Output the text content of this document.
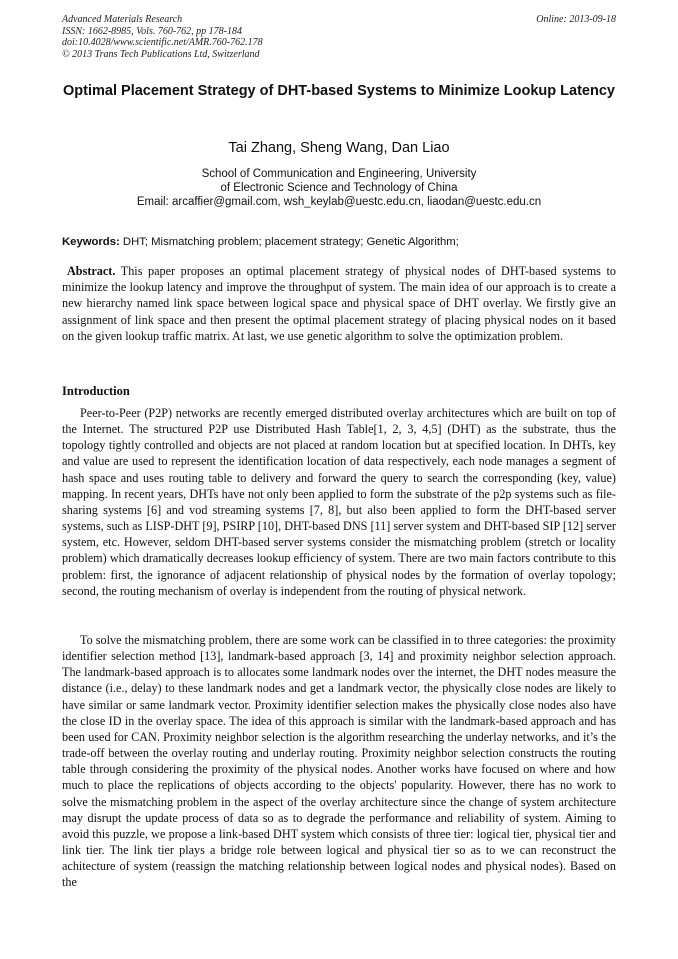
Advanced Materials Research
ISSN: 1662-8985, Vols. 760-762, pp 178-184
doi:10.4028/www.scientific.net/AMR.760-762.178
© 2013 Trans Tech Publications Ltd, Switzerland
Online: 2013-09-18
Optimal Placement Strategy of DHT-based Systems to Minimize Lookup Latency
Tai Zhang, Sheng Wang, Dan Liao
School of Communication and Engineering, University
of Electronic Science and Technology of China
Email: arcaffier@gmail.com, wsh_keylab@uestc.edu.cn, liaodan@uestc.edu.cn
Keywords: DHT; Mismatching problem; placement strategy; Genetic Algorithm;
Abstract. This paper proposes an optimal placement strategy of physical nodes of DHT-based systems to minimize the lookup latency and improve the throughput of system. The main idea of our approach is to create a new hierarchy named link space between logical space and physical space of DHT overlay. We firstly give an assignment of link space and then present the optimal placement strategy of placing physical nodes on it based on the given lookup traffic matrix. At last, we use genetic algorithm to solve the optimization problem.
Introduction
Peer-to-Peer (P2P) networks are recently emerged distributed overlay architectures which are built on top of the Internet. The structured P2P use Distributed Hash Table[1, 2, 3, 4,5] (DHT) as the substrate, thus the topology tightly controlled and objects are not placed at random location but at specified location. In DHTs, key and value are used to represent the identification location of data respectively, each node manages a segment of hash space and uses routing table to delivery and forward the query to search the corresponding (key, value) mapping. In recent years, DHTs have not only been applied to form the substrate of the p2p systems such as file-sharing systems [6] and vod streaming systems [7, 8], but also been applied to form the DHT-based server systems, such as LISP-DHT [9], PSIRP [10], DHT-based DNS [11] server system and DHT-based SIP [12] server system, etc. However, seldom DHT-based server systems consider the mismatching problem (stretch or locality problem) which dramatically decreases lookup efficiency of system. There are two main factors contribute to this problem: first, the ignorance of adjacent relationship of physical nodes by the formation of overlay topology; second, the routing mechanism of overlay is independent from the routing of physical network.
To solve the mismatching problem, there are some work can be classified in to three categories: the proximity identifier selection method [13], landmark-based approach [3, 14] and proximity neighbor selection approach. The landmark-based approach is to allocates some landmark nodes over the internet, the DHT nodes measure the distance (i.e., delay) to these landmark nodes and get a landmark vector, the physically close nodes are likely to have similar or same landmark vector. Proximity identifier selection makes the physically close nodes also have the close ID in the overlay space. The idea of this approach is similar with the landmark-based approach and has been used for CAN. Proximity neighbor selection is the algorithm researching the underlay networks, and it’s the trade-off between the overlay routing and underlay routing. Proximity neighbor selection constructs the routing table through considering the proximity of the physical nodes. Another works have focused on where and how much to place the replications of objects according to the objects' popularity. However, there has no work to solve the mismatching problem in the aspect of the overlay architecture since the change of system architecture may disrupt the update process of data so as to degrade the performance and reliability of system. Aiming to avoid this puzzle, we propose a link-based DHT system which consists of three tier: logical tier, physical tier and link tier. The link tier plays a bridge role between logical and physical tier so as to we can reconstruct the achitecture of system (reassign the matching relationship between logical nodes and physical nodes). Based on the
